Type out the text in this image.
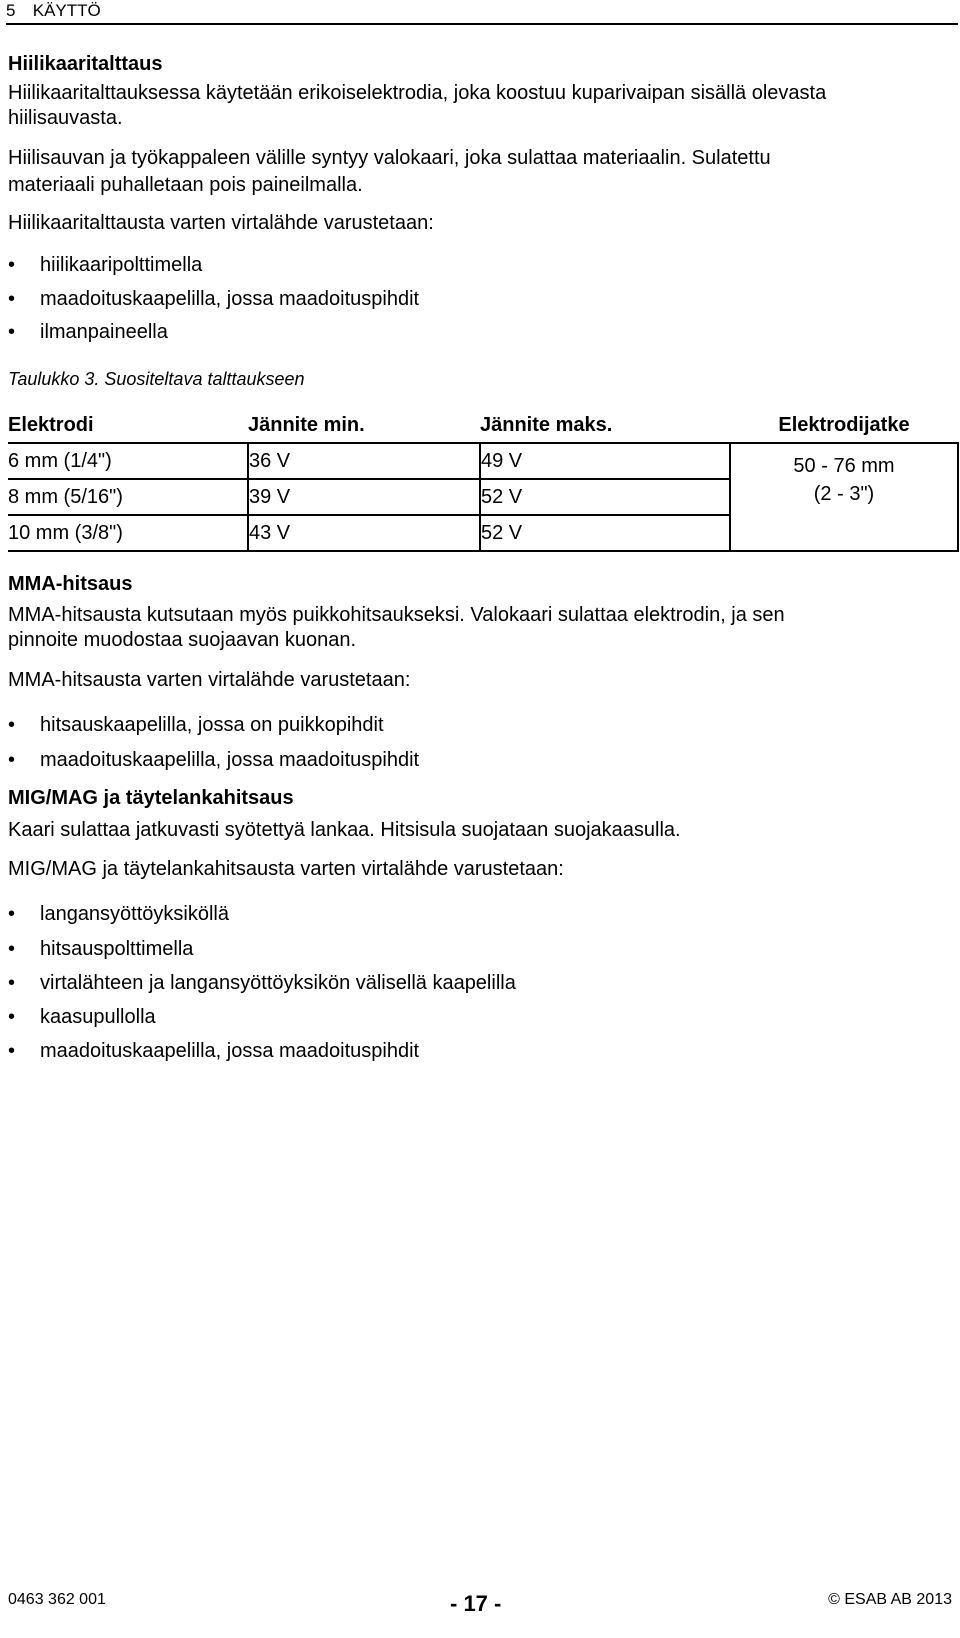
5 KÄYTTÖ
Hiilikaaritalttaus
Hiilikaaritalttauksessa käytetään erikoiselektrodia, joka koostuu kuparivaipan sisällä olevasta
hiilisauvasta.
Hiilisauvan ja työkappaleen välille syntyy valokaari, joka sulattaa materiaalin. Sulatettu
materiaali puhalletaan pois paineilmalla.
Hiilikaaritalttausta varten virtalähde varustetaan:
• hiilikaaripolttimella
• maadoituskaapelilla, jossa maadoituspihdit
• ilmanpaineella
Taulukko 3. Suositeltava talttaukseen
Elektrodi	Jännite min.	Jännite maks.	Elektrodijatke
6 mm (1/4")	36 V	49 V	50 - 76 mm
(2 - 3")

8 mm (5/16")	39 V	52 V	
10 mm (3/8")	43 V	52 V	
MMA-hitsaus
MMA-hitsausta kutsutaan myös puikkohitsaukseksi. Valokaari sulattaa elektrodin, ja sen
pinnoite muodostaa suojaavan kuonan.
MMA-hitsausta varten virtalähde varustetaan:
• hitsauskaapelilla, jossa on puikkopihdit
• maadoituskaapelilla, jossa maadoituspihdit
MIG/MAG ja täytelankahitsaus
Kaari sulattaa jatkuvasti syötettyä lankaa. Hitsisula suojataan suojakaasulla.
MIG/MAG ja täytelankahitsausta varten virtalähde varustetaan:
• langansyöttöyksiköllä
• hitsauspolttimella
• virtalähteen ja langansyöttöyksikön välisellä kaapelilla
• kaasupullolla
• maadoituskaapelilla, jossa maadoituspihdit
0463 362 001	- 17 -	© ESAB AB 2013
